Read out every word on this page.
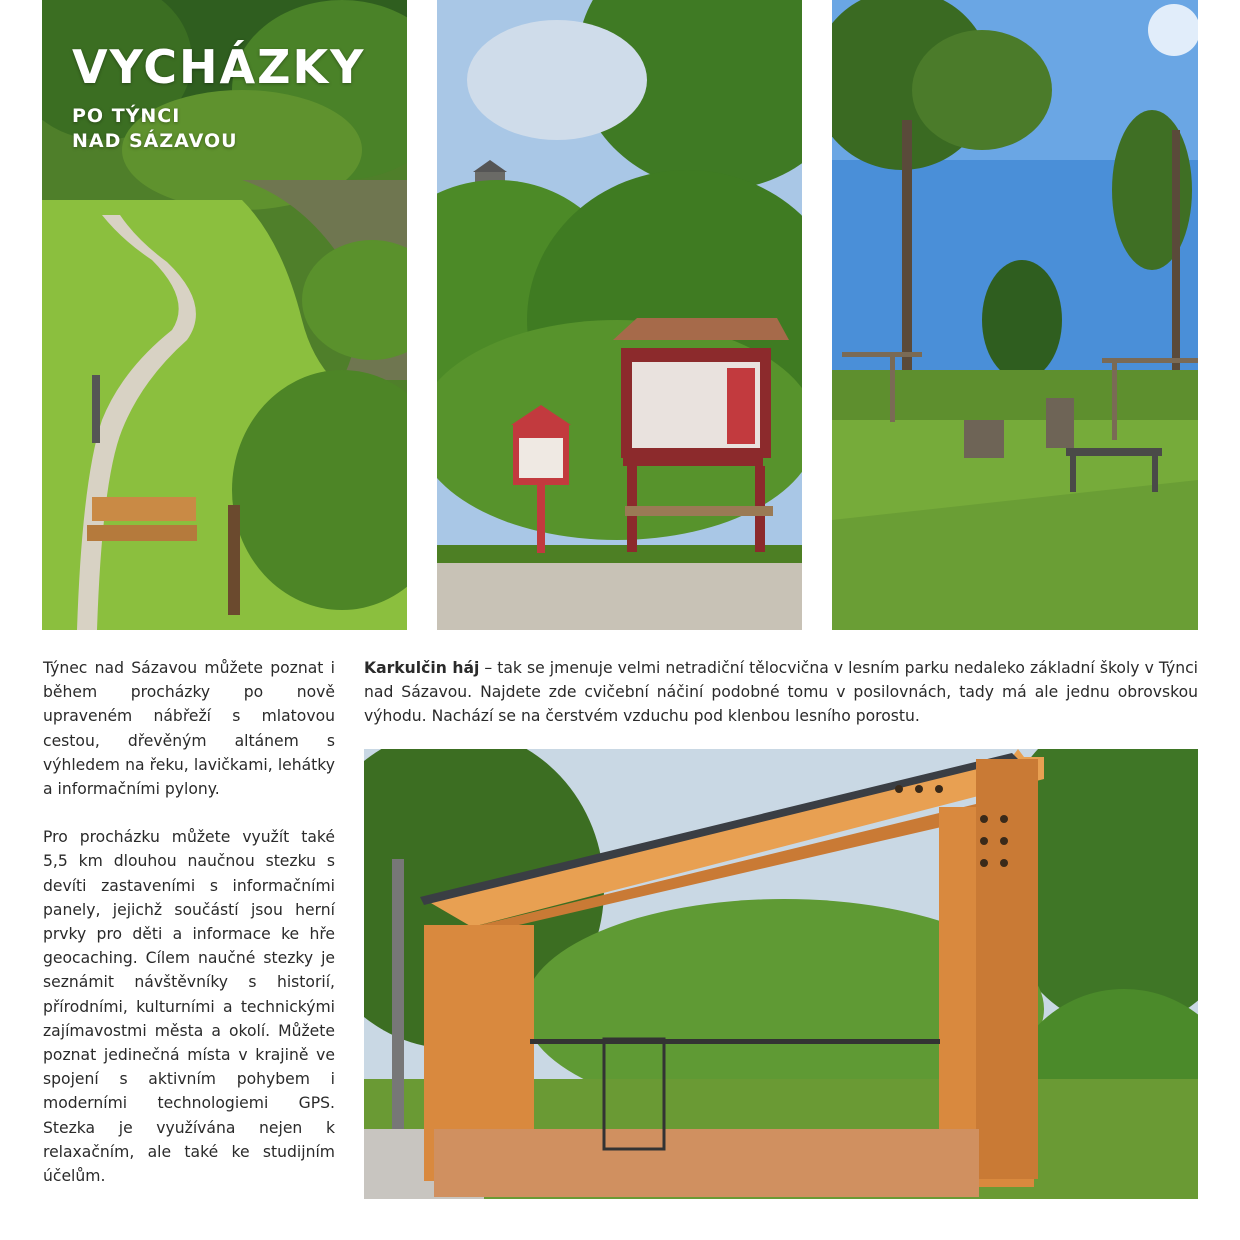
VYCHÁZKY
PO TÝNCI
NAD SÁZAVOU

Týnec nad Sázavou můžete poznat i během procházky po nově upraveném nábřeží s mlatovou cestou, dřevěným altánem s výhledem na řeku, lavičkami, lehátky a informačními pylony.

Pro procházku můžete využít také 5,5 km dlouhou naučnou stezku s devíti zastaveními s informačními panely, jejichž součástí jsou herní prvky pro děti a informace ke hře geocaching. Cílem naučné stezky je seznámit návštěvníky s historií, přírodními, kulturními a technickými zajímavostmi města a okolí. Můžete poznat jedinečná místa v krajině ve spojení s aktivním pohybem i moderními technologiemi GPS. Stezka je využívána nejen k relaxačním, ale také ke studijním účelům.

Karkulčin háj – tak se jmenuje velmi netradiční tělocvična v lesním parku nedaleko základní školy v Týnci nad Sázavou. Najdete zde cvičební náčiní podobné tomu v posilovnách, tady má ale jednu obrovskou výhodu. Nachází se na čerstvém vzduchu pod klenbou lesního porostu.
